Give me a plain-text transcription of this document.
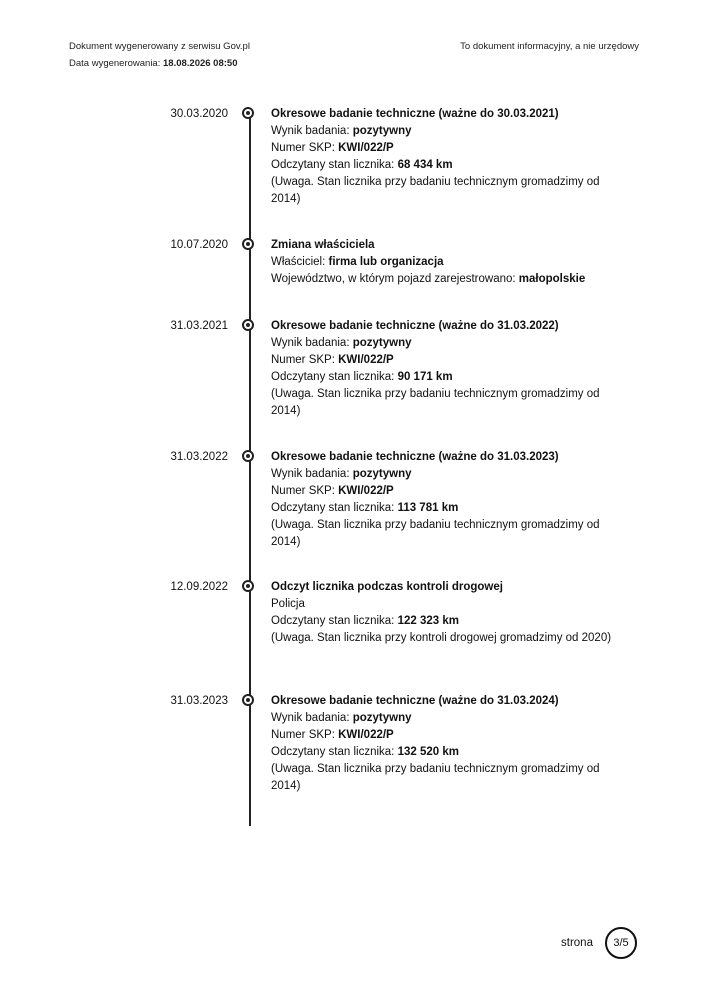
Dokument wygenerowany z serwisu Gov.pl	To dokument informacyjny, a nie urzędowy
Data wygenerowania: 18.08.2026 08:50
30.03.2020	Okresowe badanie techniczne (ważne do 30.03.2021)
Wynik badania: pozytywny
Numer SKP: KWI/022/P
Odczytany stan licznika: 68 434 km
(Uwaga. Stan licznika przy badaniu technicznym gromadzimy od 2014)
10.07.2020	Zmiana właściciela
Właściciel: firma lub organizacja
Województwo, w którym pojazd zarejestrowano: małopolskie
31.03.2021	Okresowe badanie techniczne (ważne do 31.03.2022)
Wynik badania: pozytywny
Numer SKP: KWI/022/P
Odczytany stan licznika: 90 171 km
(Uwaga. Stan licznika przy badaniu technicznym gromadzimy od 2014)
31.03.2022	Okresowe badanie techniczne (ważne do 31.03.2023)
Wynik badania: pozytywny
Numer SKP: KWI/022/P
Odczytany stan licznika: 113 781 km
(Uwaga. Stan licznika przy badaniu technicznym gromadzimy od 2014)
12.09.2022	Odczyt licznika podczas kontroli drogowej
Policja
Odczytany stan licznika: 122 323 km
(Uwaga. Stan licznika przy kontroli drogowej gromadzimy od 2020)
31.03.2023	Okresowe badanie techniczne (ważne do 31.03.2024)
Wynik badania: pozytywny
Numer SKP: KWI/022/P
Odczytany stan licznika: 132 520 km
(Uwaga. Stan licznika przy badaniu technicznym gromadzimy od 2014)
strona	3/5
